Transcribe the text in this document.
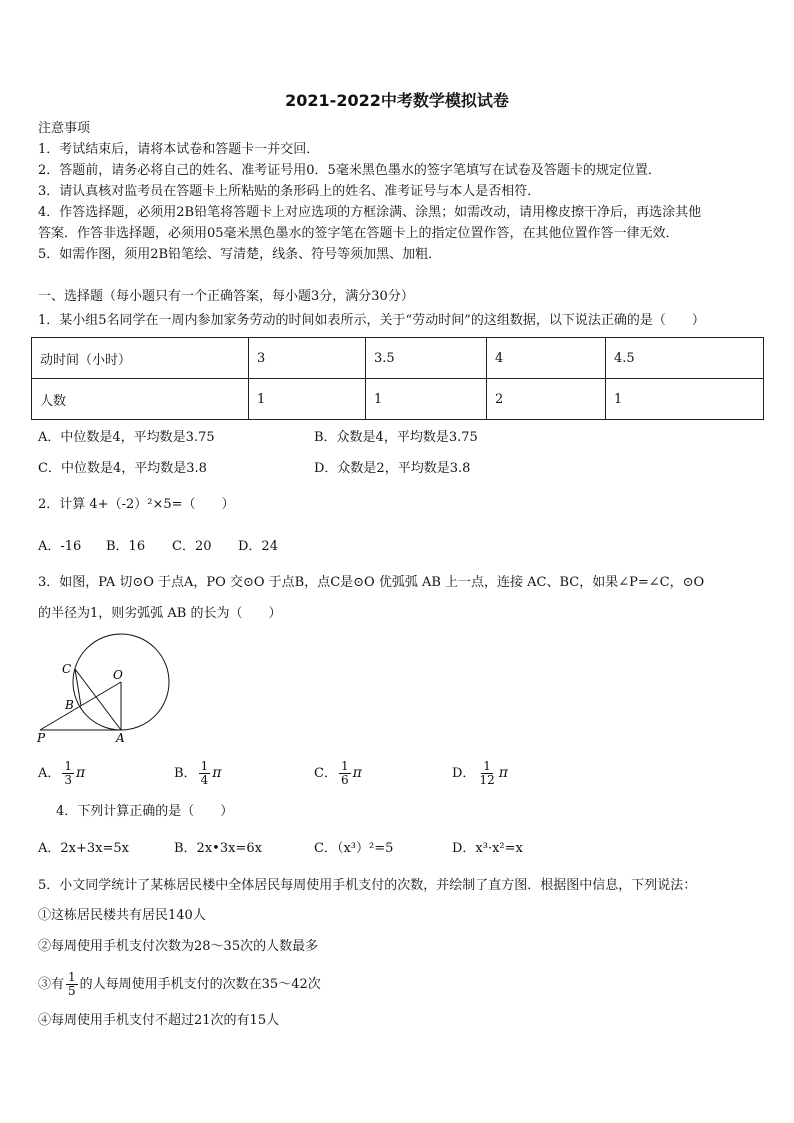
2021-2022中考数学模拟试卷
注意事项
1．考试结束后，请将本试卷和答题卡一并交回．
2．答题前，请务必将自己的姓名、准考证号用0．5毫米黑色墨水的签字笔填写在试卷及答题卡的规定位置．
3．请认真核对监考员在答题卡上所粘贴的条形码上的姓名、准考证号与本人是否相符．
4．作答选择题，必须用2B铅笔将答题卡上对应选项的方框涂满、涂黑；如需改动，请用橡皮擦干净后，再选涂其他
答案．作答非选择题，必须用05毫米黑色墨水的签字笔在答题卡上的指定位置作答，在其他位置作答一律无效．
5．如需作图，须用2B铅笔绘、写清楚，线条、符号等须加黑、加粗．
一、选择题（每小题只有一个正确答案，每小题3分，满分30分）
1．某小组5名同学在一周内参加家务劳动的时间如表所示，关于“劳动时间”的这组数据，以下说法正确的是（　　）
动时间（小时）	3	3.5	4	4.5
人数	1	1	2	1
A．中位数是4，平均数是3.75	B．众数是4，平均数是3.75
C．中位数是4，平均数是3.8	D．众数是2，平均数是3.8
2．计算 4+（-2）²×5=（　　）
A．-16 B．16 C．20 D．24
3．如图，PA 切⊙O 于点A，PO 交⊙O 于点B，点C是⊙O 优弧弧 AB 上一点，连接 AC、BC，如果∠P=∠C，⊙O
的半径为1，则劣弧弧 AB 的长为（　　）
C	O
B
P	A
A． $\frac{1}{3}$ π	B． $\frac{1}{4}$ π	C． $\frac{1}{6}$ π	D． $\frac{1}{12}$ π
4．下列计算正确的是（　　）
A．2x+3x=5x	B．2x•3x=6x	C．（x³）²=5	D．x³·x²=x
5．小文同学统计了某栋居民楼中全体居民每周使用手机支付的次数，并绘制了直方图．根据图中信息，下列说法：
①这栋居民楼共有居民140人
②每周使用手机支付次数为28～35次的人数最多
③有 $\frac{1}{5}$ 的人每周使用手机支付的次数在35～42次
④每周使用手机支付不超过21次的有15人
